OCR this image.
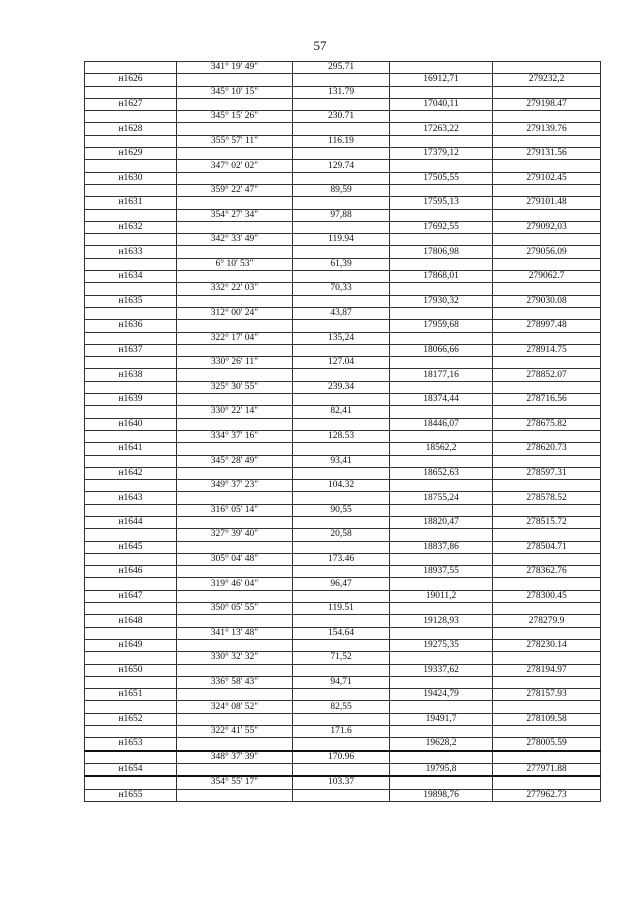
57
	341° 19' 49"	295.71		
н1626			16912,71	279232,2
	345° 10' 15"	131.79		
н1627			17040,11	279198.47
	345° 15' 26"	230.71		
н1628			17263,22	279139.76
	355° 57' 11"	116.19		
н1629			17379,12	279131.56
	347° 02' 02"	129.74		
н1630			17505,55	279102.45
	359° 22' 47"	89,59		
н1631			17595,13	279101.48
	354° 27' 34"	97,88		
н1632			17692,55	279092,03
	342° 33' 49"	119.94		
н1633			17806,98	279056.09
	6° 10' 53"	61,39		
н1634			17868,01	279062.7
	332° 22' 03"	70,33		
н1635			17930,32	279030.08
	312° 00' 24"	43,87		
н1636			17959,68	278997.48
	322° 17' 04"	135,24		
н1637			18066,66	278914.75
	330° 26' 11"	127.04		
н1638			18177,16	278852.07
	325° 30' 55"	239.34		
н1639			18374,44	278716.56
	330° 22' 14"	82,41		
н1640			18446,07	278675.82
	334° 37' 16"	128.53		
н1641			18562,2	278620.73
	345° 28' 49"	93,41		
н1642			18652,63	278597.31
	349° 37' 23"	104.32		
н1643			18755,24	278578.52
	316° 05' 14"	90,55		
н1644			18820,47	278515.72
	327° 39' 40"	20,58		
н1645			18837,86	278504.71
	305° 04' 48"	173.46		
н1646			18937,55	278362.76
	319° 46' 04"	96,47		
н1647			19011,2	278300.45
	350° 05' 55"	119.51		
н1648			19128,93	278279.9
	341° 13' 48"	154.64		
н1649			19275,35	278230.14
	330° 32' 32"	71,52		
н1650			19337,62	278194.97
	336° 58' 43"	94,71		
н1651			19424,79	278157.93
	324° 08' 52"	82,55		
н1652			19491,7	278109.58
	322° 41' 55"	171.6		
н1653			19628,2	278005.59
	348° 37' 39"	170.96		
н1654			19795,8	277971.88
	354° 55' 17"	103.37		
н1655			19898,76	277962.73
